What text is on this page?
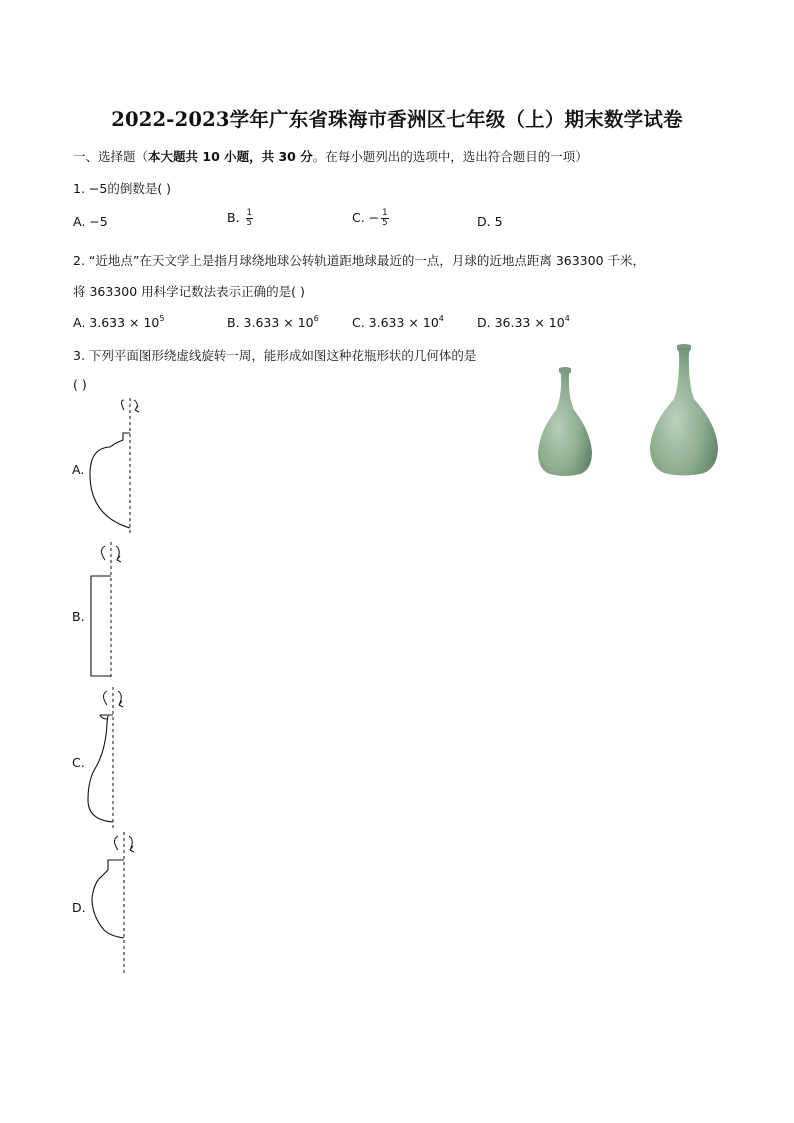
2022-2023学年广东省珠海市香洲区七年级（上）期末数学试卷
一、选择题（本大题共 10 小题，共 30 分。在每小题列出的选项中，选出符合题目的一项）
1. −5的倒数是( )
A. −5	B. $\frac{1}{5}$	C. − $\frac{1}{5}$	D. 5
2. “近地点”在天文学上是指月球绕地球公转轨道距地球最近的一点，月球的近地点距离 363300 千米，
将 363300 用科学记数法表示正确的是( )
A. $3.633 \times 10^5$	B. $3.633 \times 10^6$	C. $3.633 \times 10^4$	D. $36.33 \times 10^4$
3. 下列平面图形绕虚线旋转一周，能形成如图这种花瓶形状的几何体的是
( )
A.
B.
C.
D.
